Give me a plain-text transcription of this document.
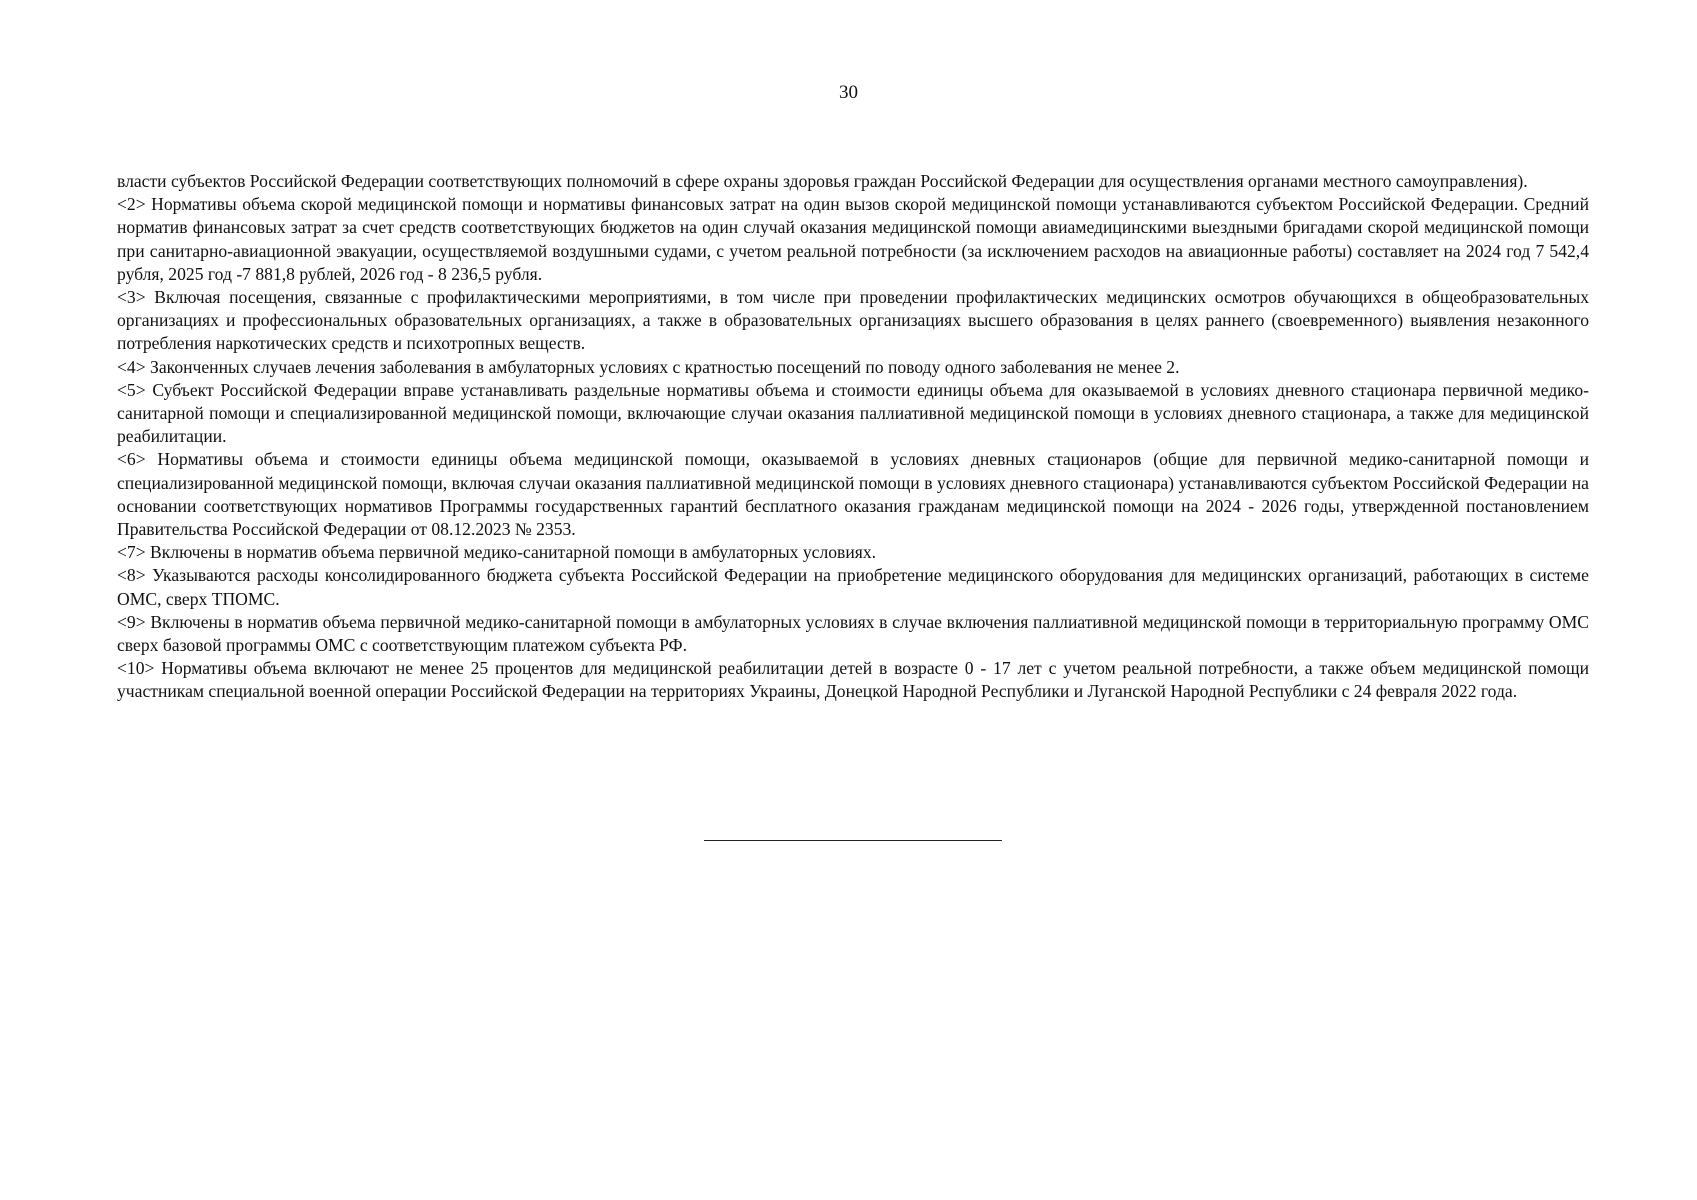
30

власти субъектов Российской Федерации соответствующих полномочий в сфере охраны здоровья граждан Российской Федерации для осуществления органами местного самоуправления).

<2> Нормативы объема скорой медицинской помощи и нормативы финансовых затрат на один вызов скорой медицинской помощи устанавливаются субъектом Российской Федерации. Средний норматив финансовых затрат за счет средств соответствующих бюджетов на один случай оказания медицинской помощи авиамедицинскими выездными бригадами скорой медицинской помощи при санитарно-авиационной эвакуации, осуществляемой воздушными судами, с учетом реальной потребности (за исключением расходов на авиационные работы) составляет на 2024 год 7 542,4 рубля, 2025 год -7 881,8 рублей, 2026 год - 8 236,5 рубля.

<3> Включая посещения, связанные с профилактическими мероприятиями, в том числе при проведении профилактических медицинских осмотров обучающихся в общеобразовательных организациях и профессиональных образовательных организациях, а также в образовательных организациях высшего образования в целях раннего (своевременного) выявления незаконного потребления наркотических средств и психотропных веществ.

<4> Законченных случаев лечения заболевания в амбулаторных условиях с кратностью посещений по поводу одного заболевания не менее 2.

<5> Субъект Российской Федерации вправе устанавливать раздельные нормативы объема и стоимости единицы объема для оказываемой в условиях дневного стационара первичной медико-санитарной помощи и специализированной медицинской помощи, включающие случаи оказания паллиативной медицинской помощи в условиях дневного стационара, а также для медицинской реабилитации.

<6> Нормативы объема и стоимости единицы объема медицинской помощи, оказываемой в условиях дневных стационаров (общие для первичной медико-санитарной помощи и специализированной медицинской помощи, включая случаи оказания паллиативной медицинской помощи в условиях дневного стационара) устанавливаются субъектом Российской Федерации на основании соответствующих нормативов Программы государственных гарантий бесплатного оказания гражданам медицинской помощи на 2024 - 2026 годы, утвержденной постановлением Правительства Российской Федерации от 08.12.2023 № 2353.

<7> Включены в норматив объема первичной медико-санитарной помощи в амбулаторных условиях.

<8> Указываются расходы консолидированного бюджета субъекта Российской Федерации на приобретение медицинского оборудования для медицинских организаций, работающих в системе ОМС, сверх ТПОМС.

<9> Включены в норматив объема первичной медико-санитарной помощи в амбулаторных условиях в случае включения паллиативной медицинской помощи в территориальную программу ОМС сверх базовой программы ОМС с соответствующим платежом субъекта РФ.

<10> Нормативы объема включают не менее 25 процентов для медицинской реабилитации детей в возрасте 0 - 17 лет с учетом реальной потребности, а также объем медицинской помощи участникам специальной военной операции Российской Федерации на территориях Украины, Донецкой Народной Республики и Луганской Народной Республики с 24 февраля 2022 года.
